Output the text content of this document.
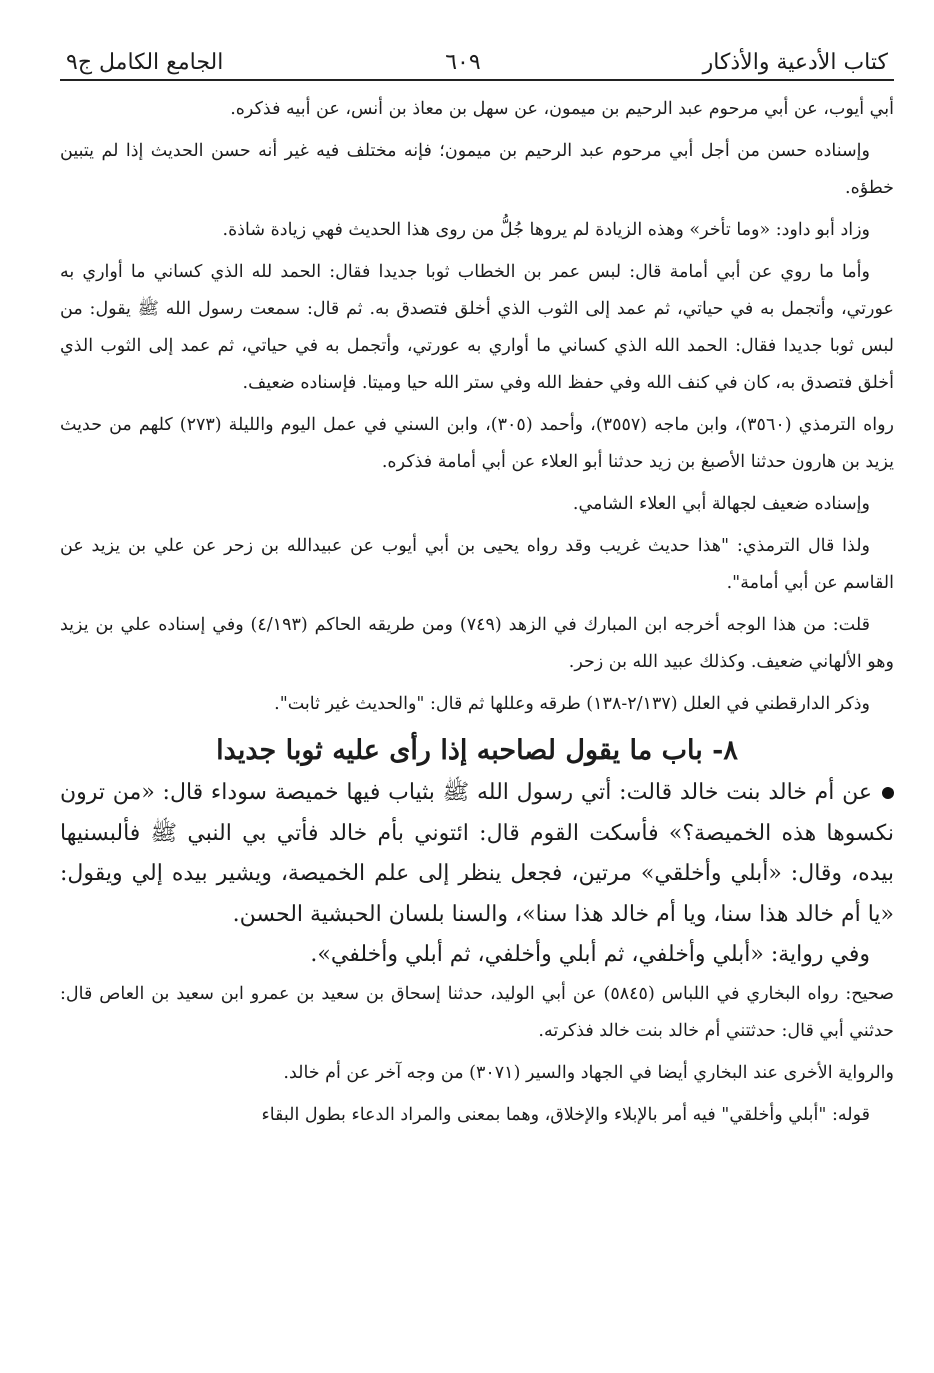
كتاب الأدعية والأذكار
٦٠٩
الجامع الكامل ج٩

أبي أيوب، عن أبي مرحوم عبد الرحيم بن ميمون، عن سهل بن معاذ بن أنس، عن أبيه فذكره.

وإسناده حسن من أجل أبي مرحوم عبد الرحيم بن ميمون؛ فإنه مختلف فيه غير أنه حسن الحديث إذا لم يتبين خطؤه.

وزاد أبو داود: «وما تأخر» وهذه الزيادة لم يروها جُلُّ من روى هذا الحديث فهي زيادة شاذة.

وأما ما روي عن أبي أمامة قال: لبس عمر بن الخطاب ثوبا جديدا فقال: الحمد لله الذي كساني ما أواري به عورتي، وأتجمل به في حياتي، ثم عمد إلى الثوب الذي أخلق فتصدق به. ثم قال: سمعت رسول الله ﷺ يقول: من لبس ثوبا جديدا فقال: الحمد الله الذي كساني ما أواري به عورتي، وأتجمل به في حياتي، ثم عمد إلى الثوب الذي أخلق فتصدق به، كان في كنف الله وفي حفظ الله وفي ستر الله حيا وميتا. فإسناده ضعيف.

رواه الترمذي (٣٥٦٠)، وابن ماجه (٣٥٥٧)، وأحمد (٣٠٥)، وابن السني في عمل اليوم والليلة (٢٧٣) كلهم من حديث يزيد بن هارون حدثنا الأصبغ بن زيد حدثنا أبو العلاء عن أبي أمامة فذكره.

وإسناده ضعيف لجهالة أبي العلاء الشامي.

ولذا قال الترمذي: "هذا حديث غريب وقد رواه يحيى بن أبي أيوب عن عبيدالله بن زحر عن علي بن يزيد عن القاسم عن أبي أمامة".

قلت: من هذا الوجه أخرجه ابن المبارك في الزهد (٧٤٩) ومن طريقه الحاكم (٤/١٩٣) وفي إسناده علي بن يزيد وهو الألهاني ضعيف. وكذلك عبيد الله بن زحر.

وذكر الدارقطني في العلل (٢/١٣٧-١٣٨) طرقه وعللها ثم قال: "والحديث غير ثابت".

٨- باب ما يقول لصاحبه إذا رأى عليه ثوبا جديدا

عن أم خالد بنت خالد قالت: أتي رسول الله ﷺ بثياب فيها خميصة سوداء قال: «من ترون نكسوها هذه الخميصة؟» فأسكت القوم قال: ائتوني بأم خالد فأتي بي النبي ﷺ فألبسنيها بيده، وقال: «أبلي وأخلقي» مرتين، فجعل ينظر إلى علم الخميصة، ويشير بيده إلي ويقول: «يا أم خالد هذا سنا، ويا أم خالد هذا سنا»، والسنا بلسان الحبشية الحسن.

وفي رواية: «أبلي وأخلفي، ثم أبلي وأخلفي، ثم أبلي وأخلفي».

صحيح: رواه البخاري في اللباس (٥٨٤٥) عن أبي الوليد، حدثنا إسحاق بن سعيد بن عمرو ابن سعيد بن العاص قال: حدثني أبي قال: حدثتني أم خالد بنت خالد فذكرته.

والرواية الأخرى عند البخاري أيضا في الجهاد والسير (٣٠٧١) من وجه آخر عن أم خالد.

قوله: "أبلي وأخلقي" فيه أمر بالإبلاء والإخلاق، وهما بمعنى والمراد الدعاء بطول البقاء
